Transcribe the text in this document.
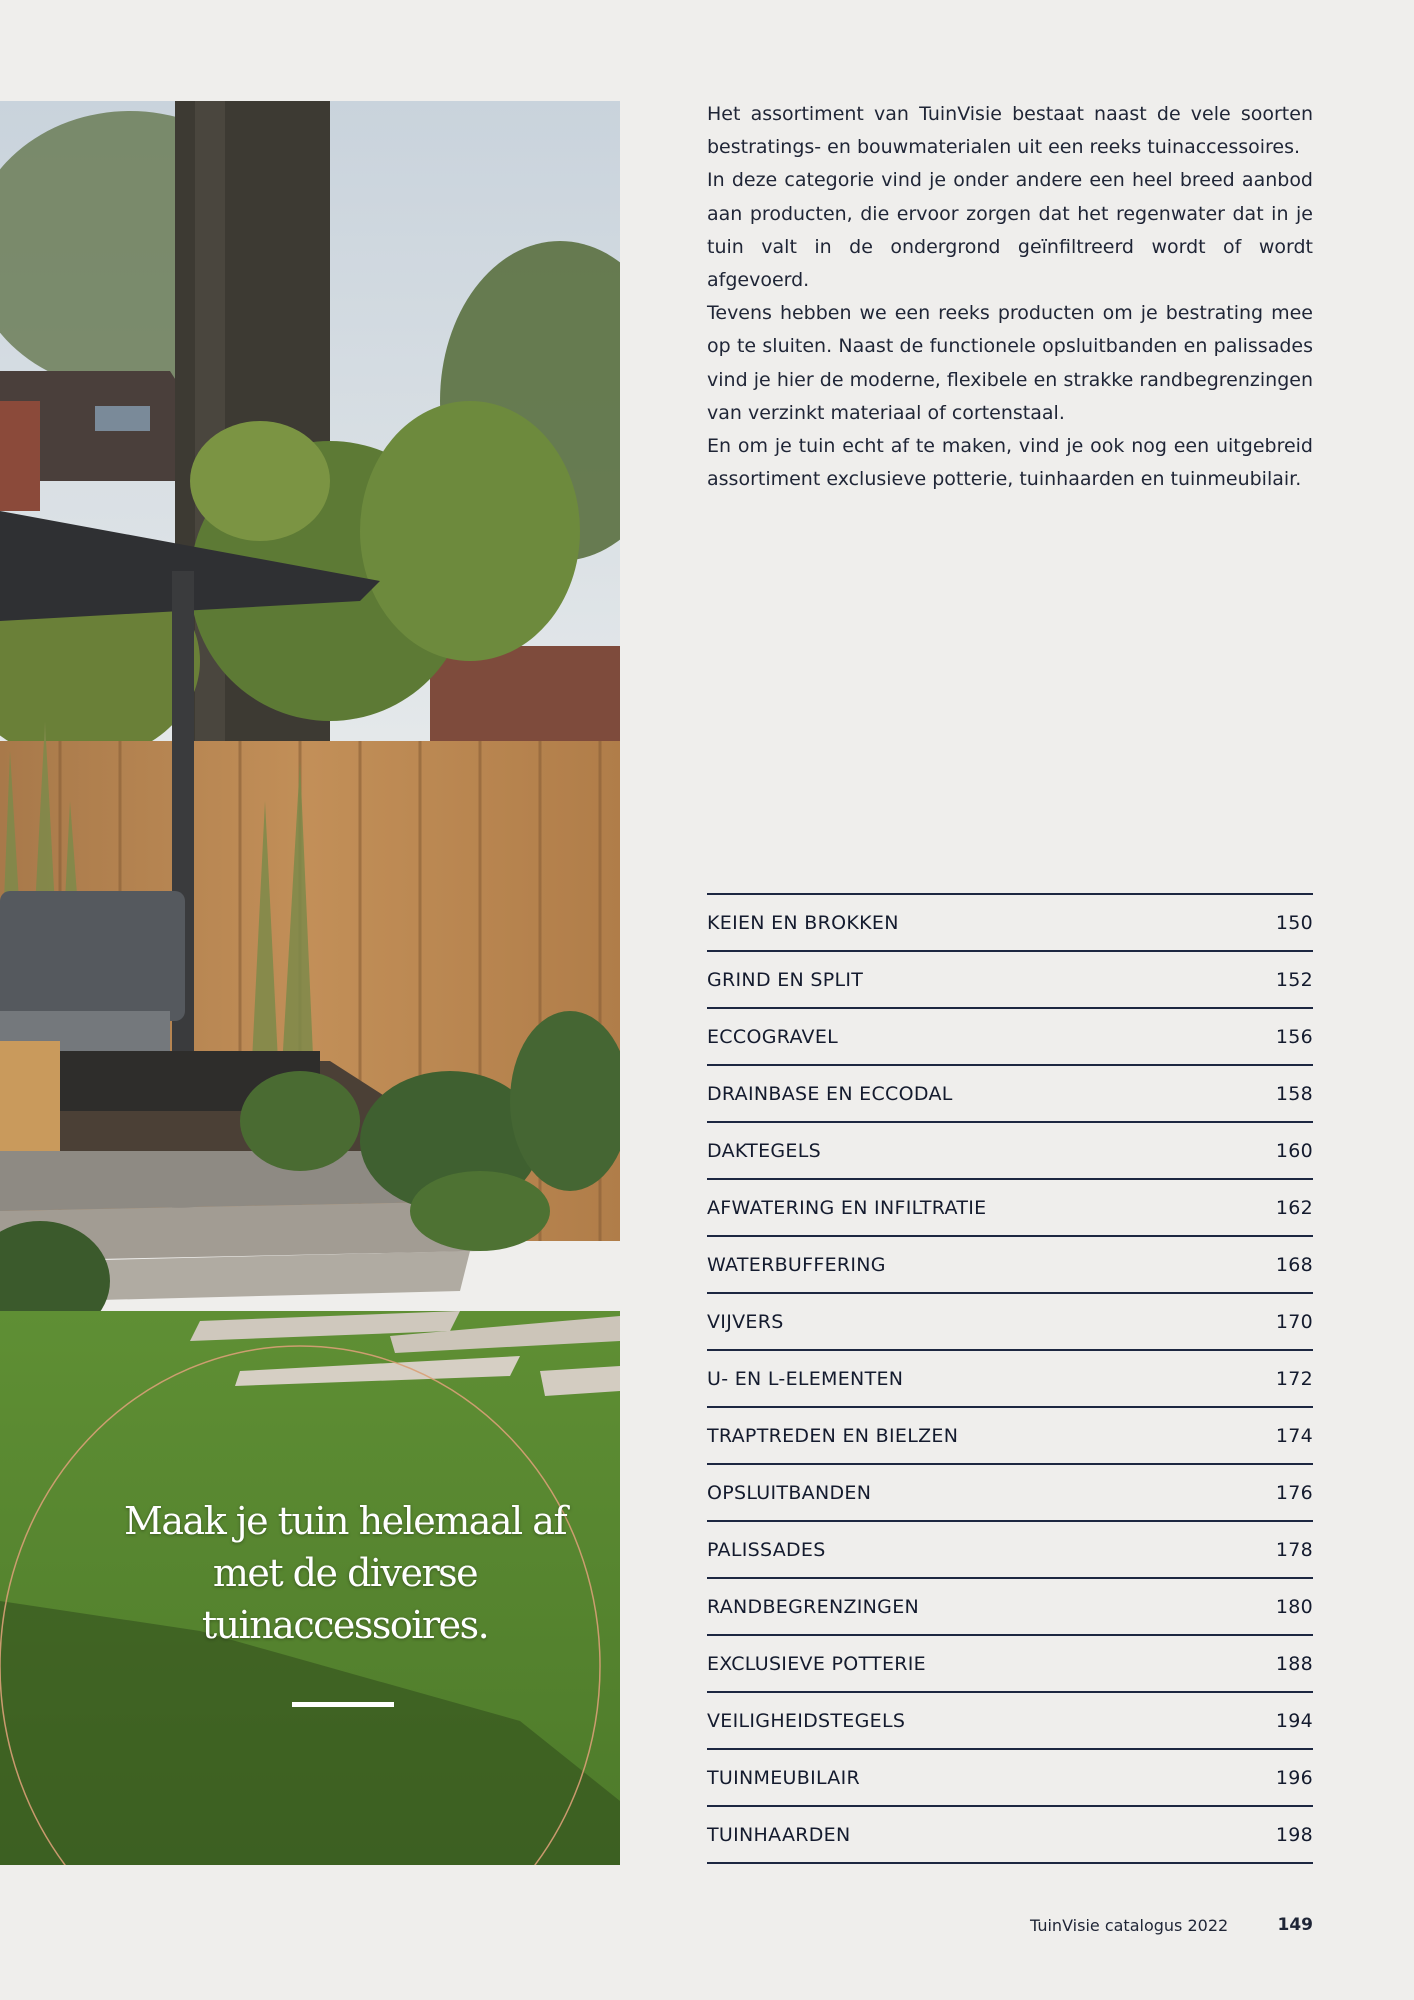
Maak je tuin helemaal af met de diverse tuinaccessoires.

Het assortiment van TuinVisie bestaat naast de vele soorten bestratings- en bouwmaterialen uit een reeks tuinaccessoires.

In deze categorie vind je onder andere een heel breed aanbod aan producten, die ervoor zorgen dat het regenwater dat in je tuin valt in de ondergrond geïnfiltreerd wordt of wordt afgevoerd.

Tevens hebben we een reeks producten om je bestrating mee op te sluiten. Naast de functionele opsluitbanden en palissades vind je hier de moderne, flexibele en strakke randbegrenzingen van verzinkt materiaal of cortenstaal.

En om je tuin echt af te maken, vind je ook nog een uitgebreid assortiment exclusieve potterie, tuinhaarden en tuinmeubilair.

KEIEN EN BROKKEN	150
GRIND EN SPLIT	152
ECCOGRAVEL	156
DRAINBASE EN ECCODAL	158
DAKTEGELS	160
AFWATERING EN INFILTRATIE	162
WATERBUFFERING	168
VIJVERS	170
U- EN L-ELEMENTEN	172
TRAPTREDEN EN BIELZEN	174
OPSLUITBANDEN	176
PALISSADES	178
RANDBEGRENZINGEN	180
EXCLUSIEVE POTTERIE	188
VEILIGHEIDSTEGELS	194
TUINMEUBILAIR	196
TUINHAARDEN	198
TuinVisie catalogus 2022	149
